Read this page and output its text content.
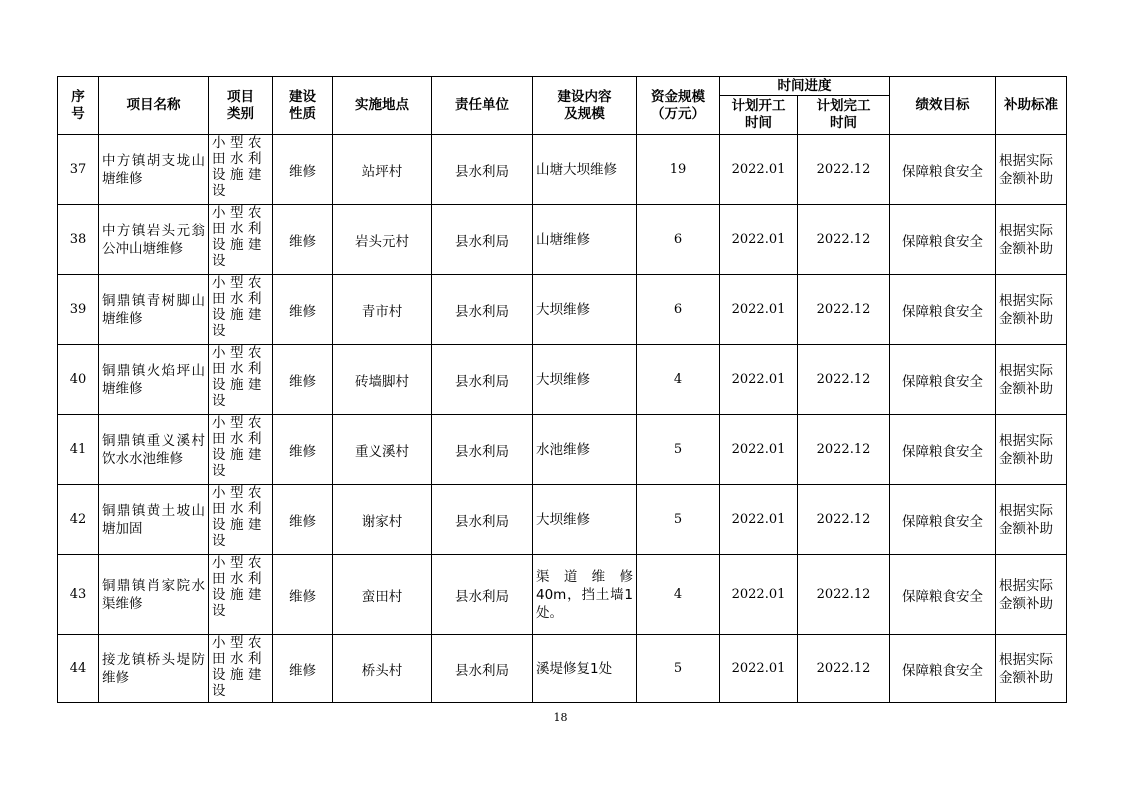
序号	项目名称	项目类别	建设性质	实施地点	责任单位	建设内容及规模	资金规模（万元）	时间进度		绩效目标	补助标准
								计划开工时间	计划完工时间		
37	中方镇胡支垅山塘维修	小型农
田水利
设施建
设	维修	站坪村	县水利局	山塘大坝维修	19	2022.01	2022.12	保障粮食安全	根据实际金额补助
38	中方镇岩头元翁公冲山塘维修	小型农
田水利
设施建
设	维修	岩头元村	县水利局	山塘维修	6	2022.01	2022.12	保障粮食安全	根据实际金额补助
39	铜鼎镇青树脚山塘维修	小型农
田水利
设施建
设	维修	青市村	县水利局	大坝维修	6	2022.01	2022.12	保障粮食安全	根据实际金额补助
40	铜鼎镇火焰坪山塘维修	小型农
田水利
设施建
设	维修	砖墙脚村	县水利局	大坝维修	4	2022.01	2022.12	保障粮食安全	根据实际金额补助
41	铜鼎镇重义溪村饮水水池维修	小型农
田水利
设施建
设	维修	重义溪村	县水利局	水池维修	5	2022.01	2022.12	保障粮食安全	根据实际金额补助
42	铜鼎镇黄土坡山塘加固	小型农
田水利
设施建
设	维修	谢家村	县水利局	大坝维修	5	2022.01	2022.12	保障粮食安全	根据实际金额补助
43	铜鼎镇肖家院水渠维修	小型农
田水利
设施建
设	维修	蛮田村	县水利局	渠道维修40m，挡土墙1处。	4	2022.01	2022.12	保障粮食安全	根据实际金额补助
44	接龙镇桥头堤防维修	小型农
田水利
设施建
设	维修	桥头村	县水利局	溪堤修复1处	5	2022.01	2022.12	保障粮食安全	根据实际金额补助
18
